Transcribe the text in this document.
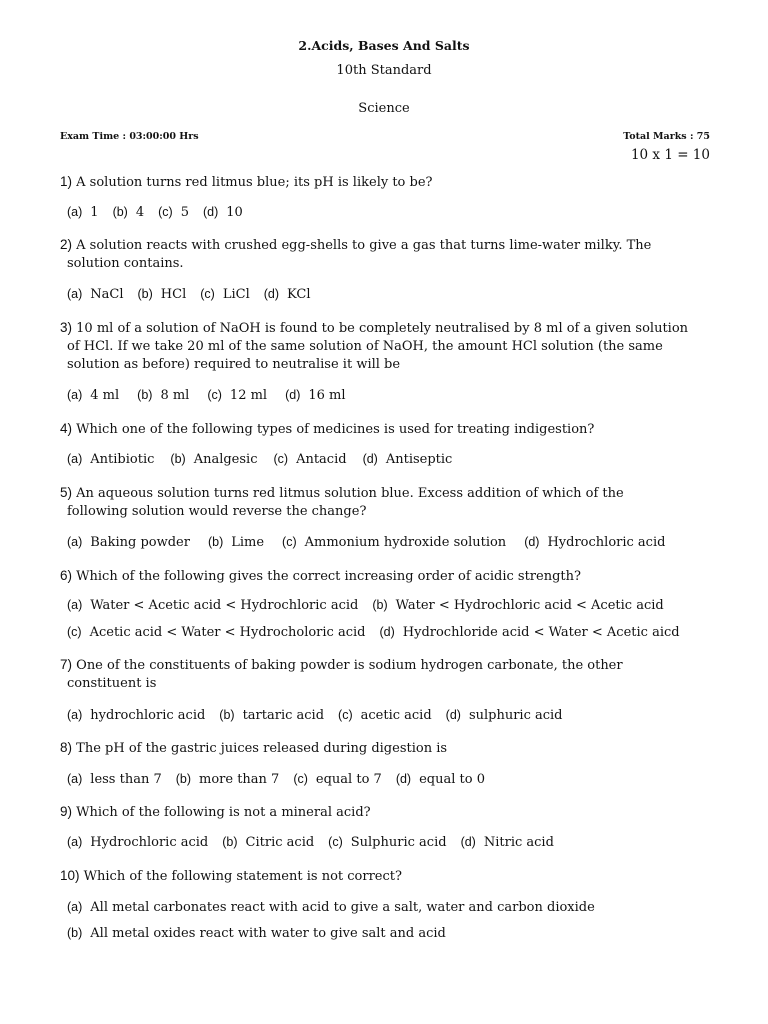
2.Acids, Bases And Salts
10th Standard
Science
Exam Time : 03:00:00 Hrs	Total Marks : 75
10 x 1 = 10
1) A solution turns red litmus blue; its pH is likely to be?
(a) 1 (b) 4 (c) 5 (d) 10
2) A solution reacts with crushed egg-shells to give a gas that turns lime-water milky. The
solution contains.
(a) NaCl (b) HCl (c) LiCl (d) KCl
3) 10 ml of a solution of NaOH is found to be completely neutralised by 8 ml of a given solution
of HCl. If we take 20 ml of the same solution of NaOH, the amount HCl solution (the same
solution as before) required to neutralise it will be
(a) 4 ml (b) 8 ml (c) 12 ml (d) 16 ml
4) Which one of the following types of medicines is used for treating indigestion?
(a) Antibiotic (b) Analgesic (c) Antacid (d) Antiseptic
5) An aqueous solution turns red litmus solution blue. Excess addition of which of the
following solution would reverse the change?
(a) Baking powder (b) Lime (c) Ammonium hydroxide solution (d) Hydrochloric acid
6) Which of the following gives the correct increasing order of acidic strength?
(a) Water < Acetic acid < Hydrochloric acid (b) Water < Hydrochloric acid < Acetic acid
(c) Acetic acid < Water < Hydrocholoric acid (d) Hydrochloride acid < Water < Acetic aicd
7) One of the constituents of baking powder is sodium hydrogen carbonate, the other
constituent is
(a) hydrochloric acid (b) tartaric acid (c) acetic acid (d) sulphuric acid
8) The pH of the gastric juices released during digestion is
(a) less than 7 (b) more than 7 (c) equal to 7 (d) equal to 0
9) Which of the following is not a mineral acid?
(a) Hydrochloric acid (b) Citric acid (c) Sulphuric acid (d) Nitric acid
10) Which of the following statement is not correct?
(a) All metal carbonates react with acid to give a salt, water and carbon dioxide
(b) All metal oxides react with water to give salt and acid
